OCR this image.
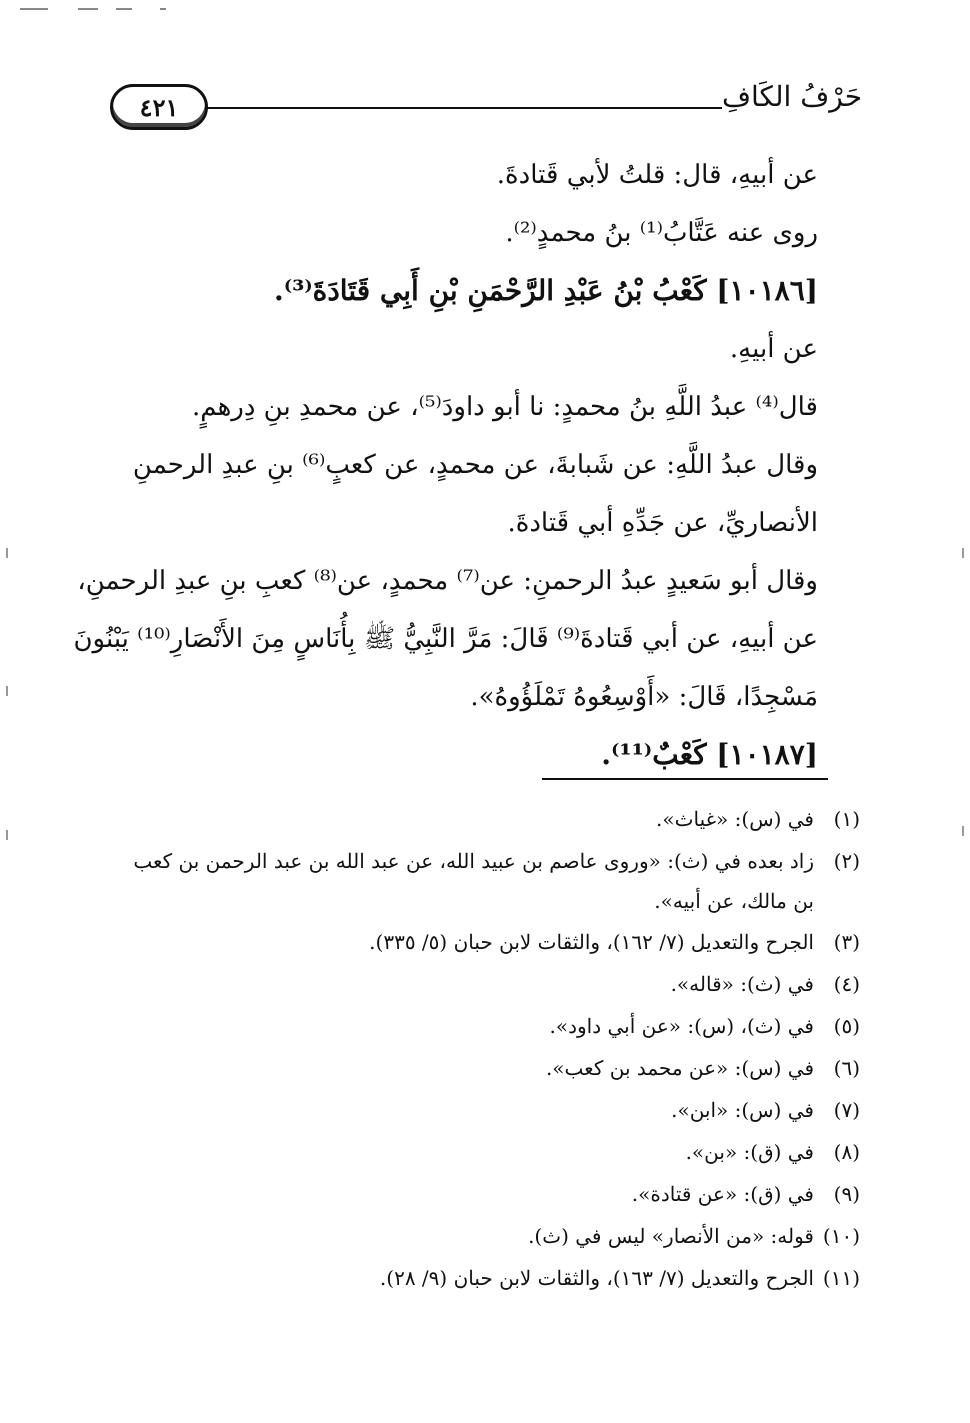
٤٢١	حَرْفُ الكَافِ
عن أبيهِ، قال: قلتُ لأبي قَتادةَ.
روى عنه عَتَّابُ⁽¹⁾ بنُ محمدٍ⁽²⁾.
[١٠١٨٦] كَعْبُ بْنُ عَبْدِ الرَّحْمَنِ بْنِ أَبِي قَتَادَةَ⁽³⁾.
عن أبيهِ.
قال⁽⁴⁾ عبدُ اللَّهِ بنُ محمدٍ: نا أبو داودَ⁽⁵⁾، عن محمدِ بنِ دِرهمٍ.
وقال عبدُ اللَّهِ: عن شَبابةَ، عن محمدٍ، عن كعبٍ⁽⁶⁾ بنِ عبدِ الرحمنِ
الأنصاريِّ، عن جَدِّهِ أبي قَتادةَ.
وقال أبو سَعيدٍ عبدُ الرحمنِ: عن⁽⁷⁾ محمدٍ، عن⁽⁸⁾ كعبِ بنِ عبدِ الرحمنِ،
عن أبيهِ، عن أبي قَتادةَ⁽⁹⁾ قَالَ: مَرَّ النَّبِيُّ ﷺ بِأُنَاسٍ مِنَ الأَنْصَارِ⁽¹⁰⁾ يَبْنُونَ
مَسْجِدًا، قَالَ: «أَوْسِعُوهُ تَمْلَؤُوهُ».
[١٠١٨٧] كَعْبٌ⁽¹¹⁾.
(١)
في (س): «غياث».
(٢)
زاد بعده في (ث): «وروى عاصم بن عبيد الله، عن عبد الله بن عبد الرحمن بن كعب بن مالك، عن أبيه».
(٣)
الجرح والتعديل (٧/ ١٦٢)، والثقات لابن حبان (٥/ ٣٣٥).
(٤)
في (ث): «قاله».
(٥)
في (ث)، (س): «عن أبي داود».
(٦)
في (س): «عن محمد بن كعب».
(٧)
في (س): «ابن».
(٨)
في (ق): «بن».
(٩)
في (ق): «عن قتادة».
(١٠)
قوله: «من الأنصار» ليس في (ث).
(١١)
الجرح والتعديل (٧/ ١٦٣)، والثقات لابن حبان (٩/ ٢٨).
